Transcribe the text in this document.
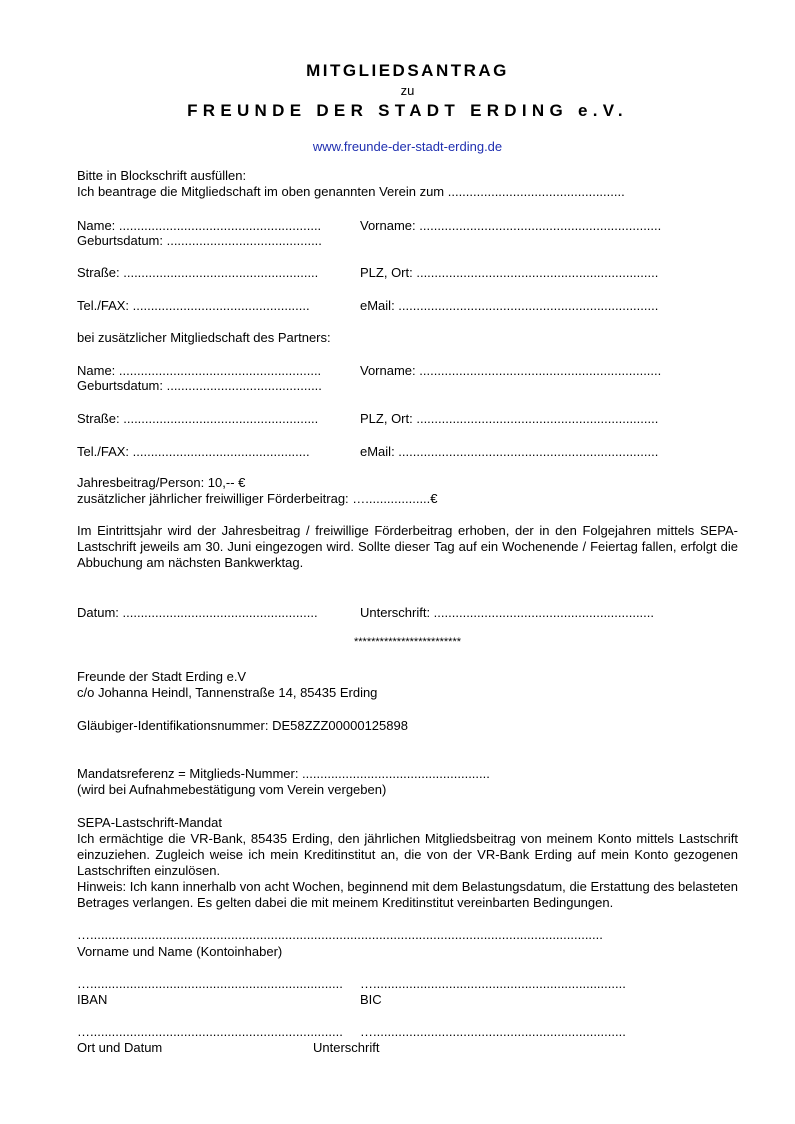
MITGLIEDSANTRAG
zu
FREUNDE DER STADT ERDING e.V.
www.freunde-der-stadt-erding.de
Bitte in Blockschrift ausfüllen:
Ich beantrage die Mitgliedschaft im oben genannten Verein zum .................................................
Name: ........................................................	Vorname: ...................................................................
Geburtsdatum: ...........................................
Straße: ......................................................	PLZ, Ort: ...................................................................
Tel./FAX: .................................................	eMail: ........................................................................
bei zusätzlicher Mitgliedschaft des Partners:
Name: ........................................................	Vorname: ...................................................................
Geburtsdatum: ...........................................
Straße: ......................................................	PLZ, Ort: ...................................................................
Tel./FAX: .................................................	eMail: ........................................................................
Jahresbeitrag/Person: 10,-- €
zusätzlicher jährlicher freiwilliger Förderbeitrag: …..................€
Im Eintrittsjahr wird der Jahresbeitrag / freiwillige Förderbeitrag erhoben, der in den Folgejahren mittels SEPA-Lastschrift jeweils am 30. Juni eingezogen wird. Sollte dieser Tag auf ein Wochenende / Feiertag fallen, erfolgt die Abbuchung am nächsten Bankwerktag.
Datum: ......................................................	Unterschrift: .............................................................
*************************
Freunde der Stadt Erding e.V
c/o Johanna Heindl, Tannenstraße 14, 85435 Erding
Gläubiger-Identifikationsnummer: DE58ZZZ00000125898
Mandatsreferenz = Mitglieds-Nummer: ....................................................
(wird bei Aufnahmebestätigung vom Verein vergeben)
SEPA-Lastschrift-Mandat
Ich ermächtige die VR-Bank, 85435 Erding, den jährlichen Mitgliedsbeitrag von meinem Konto mittels Lastschrift einzuziehen. Zugleich weise ich mein Kreditinstitut an, die von der VR-Bank Erding auf mein Konto gezogenen Lastschriften einzulösen.
Hinweis: Ich kann innerhalb von acht Wochen, beginnend mit dem Belastungsdatum, die Erstattung des belasteten Betrages verlangen. Es gelten dabei die mit meinem Kreditinstitut vereinbarten Bedingungen.
…..............................................................................................................................................
Vorname und Name (Kontoinhaber)
…...................................................................... …......................................................................
IBAN	BIC
…...................................................................... …......................................................................
Ort und Datum	Unterschrift
